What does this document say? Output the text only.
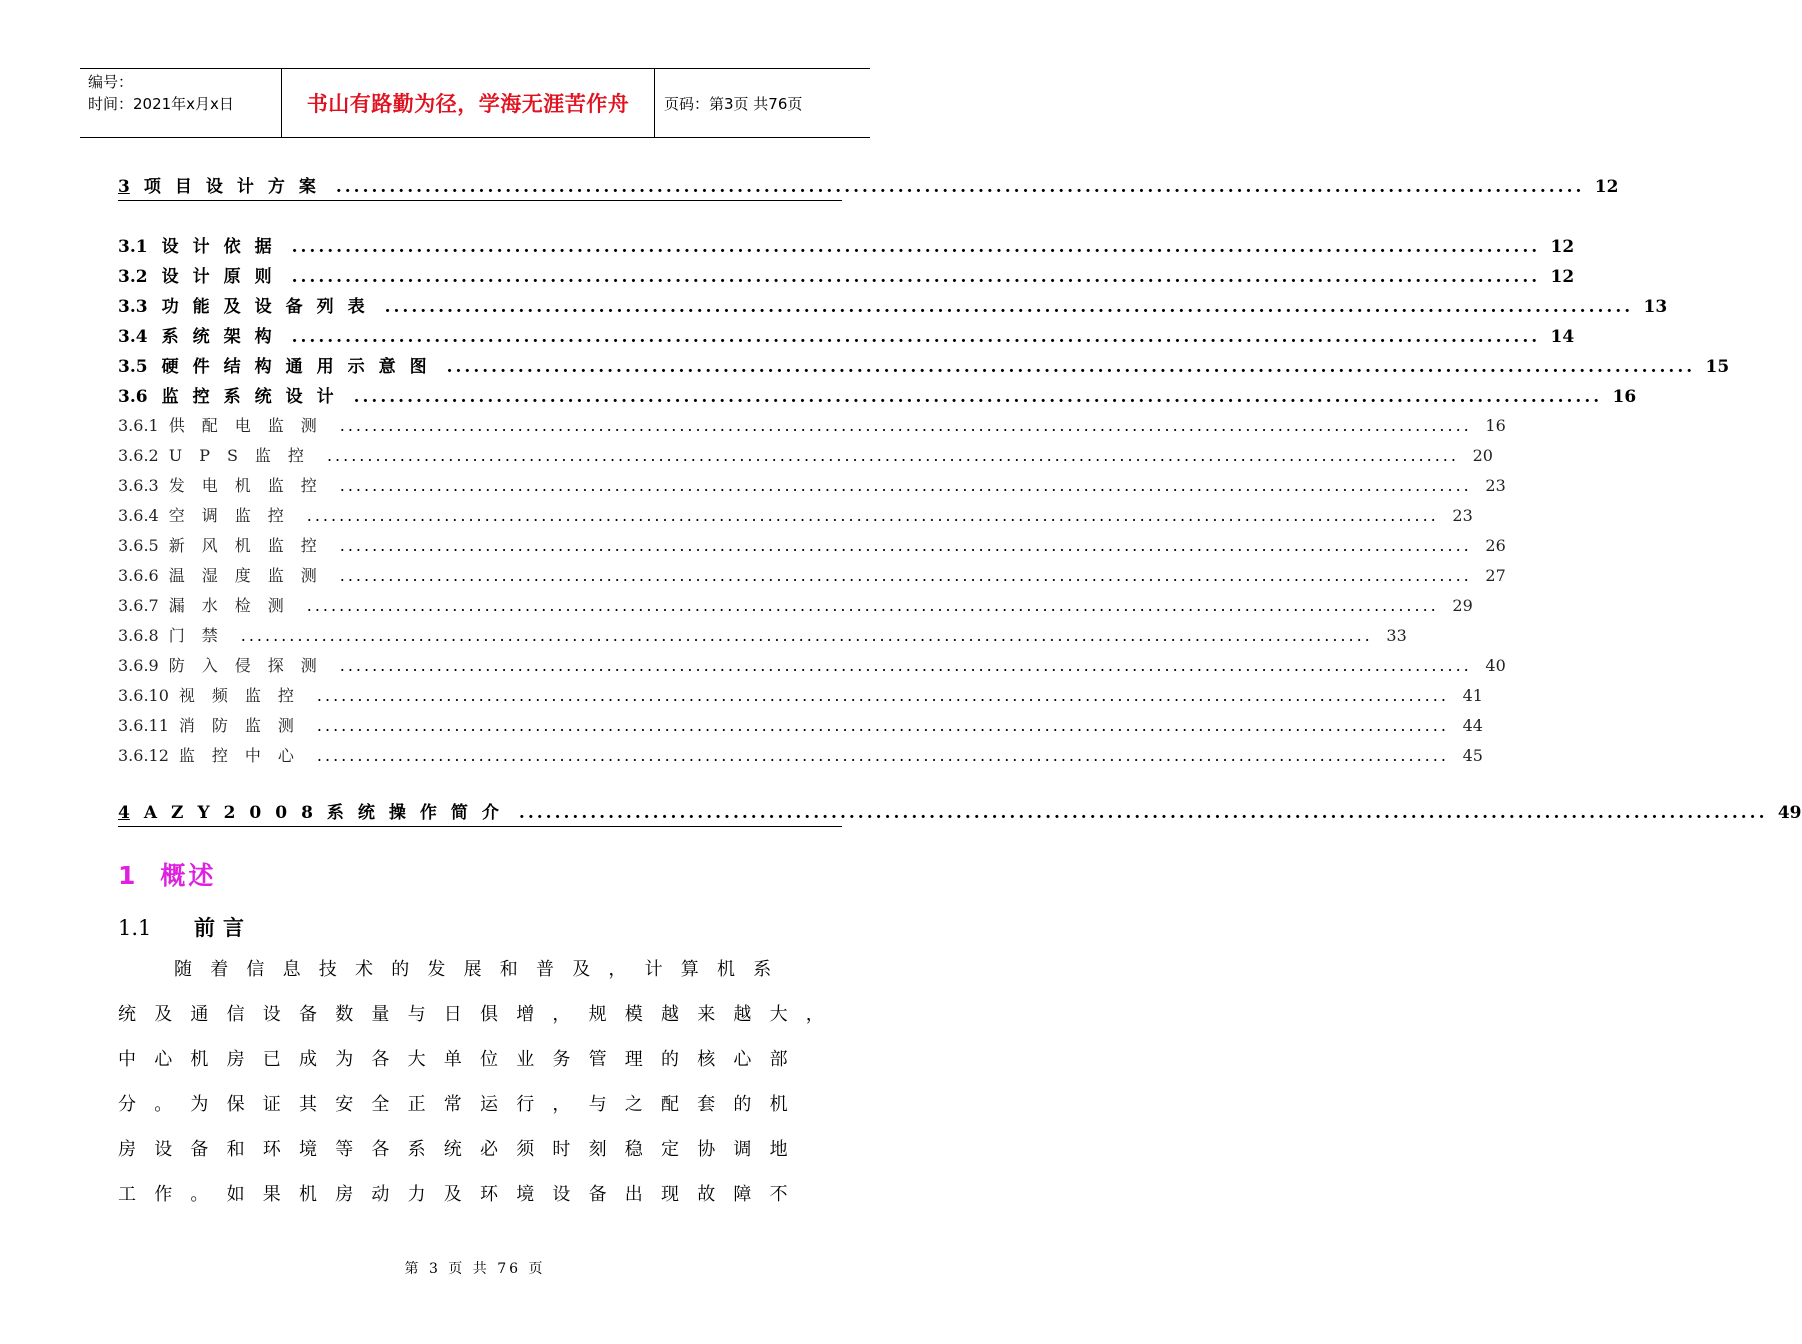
编号：
时间：2021年x月x日	书山有路勤为径，学海无涯苦作舟	页码：第3页 共76页
3 项目设计方案 ............................................................................................................................................ 12
3.1 设计依据 ............................................................................................................................................ 12
3.2 设计原则 ............................................................................................................................................ 12
3.3 功能及设备列表 ............................................................................................................................................ 13
3.4 系统架构 ............................................................................................................................................ 14
3.5 硬件结构通用示意图 ............................................................................................................................................ 15
3.6 监控系统设计 ............................................................................................................................................ 16
3.6.1 供配电监测 ............................................................................................................................................ 16
3.6.2 UPS监控 ............................................................................................................................................ 20
3.6.3 发电机监控 ............................................................................................................................................ 23
3.6.4 空调监控 ............................................................................................................................................ 23
3.6.5 新风机监控 ............................................................................................................................................ 26
3.6.6 温湿度监测 ............................................................................................................................................ 27
3.6.7 漏水检测 ............................................................................................................................................ 29
3.6.8 门禁 ............................................................................................................................................ 33
3.6.9 防入侵探测 ............................................................................................................................................ 40
3.6.10 视频监控 ............................................................................................................................................ 41
3.6.11 消防监测 ............................................................................................................................................ 44
3.6.12 监控中心 ............................................................................................................................................ 45
4 AZY2008系统操作简介 ............................................................................................................................................ 49
1 概述
1.1 前言
随着信息技术的发展和普及，计算机系
统及通信设备数量与日俱增，规模越来越大，
中心机房已成为各大单位业务管理的核心部
分。为保证其安全正常运行，与之配套的机
房设备和环境等各系统必须时刻稳定协调地
工作。如果机房动力及环境设备出现故障不
第 3 页 共 76 页
